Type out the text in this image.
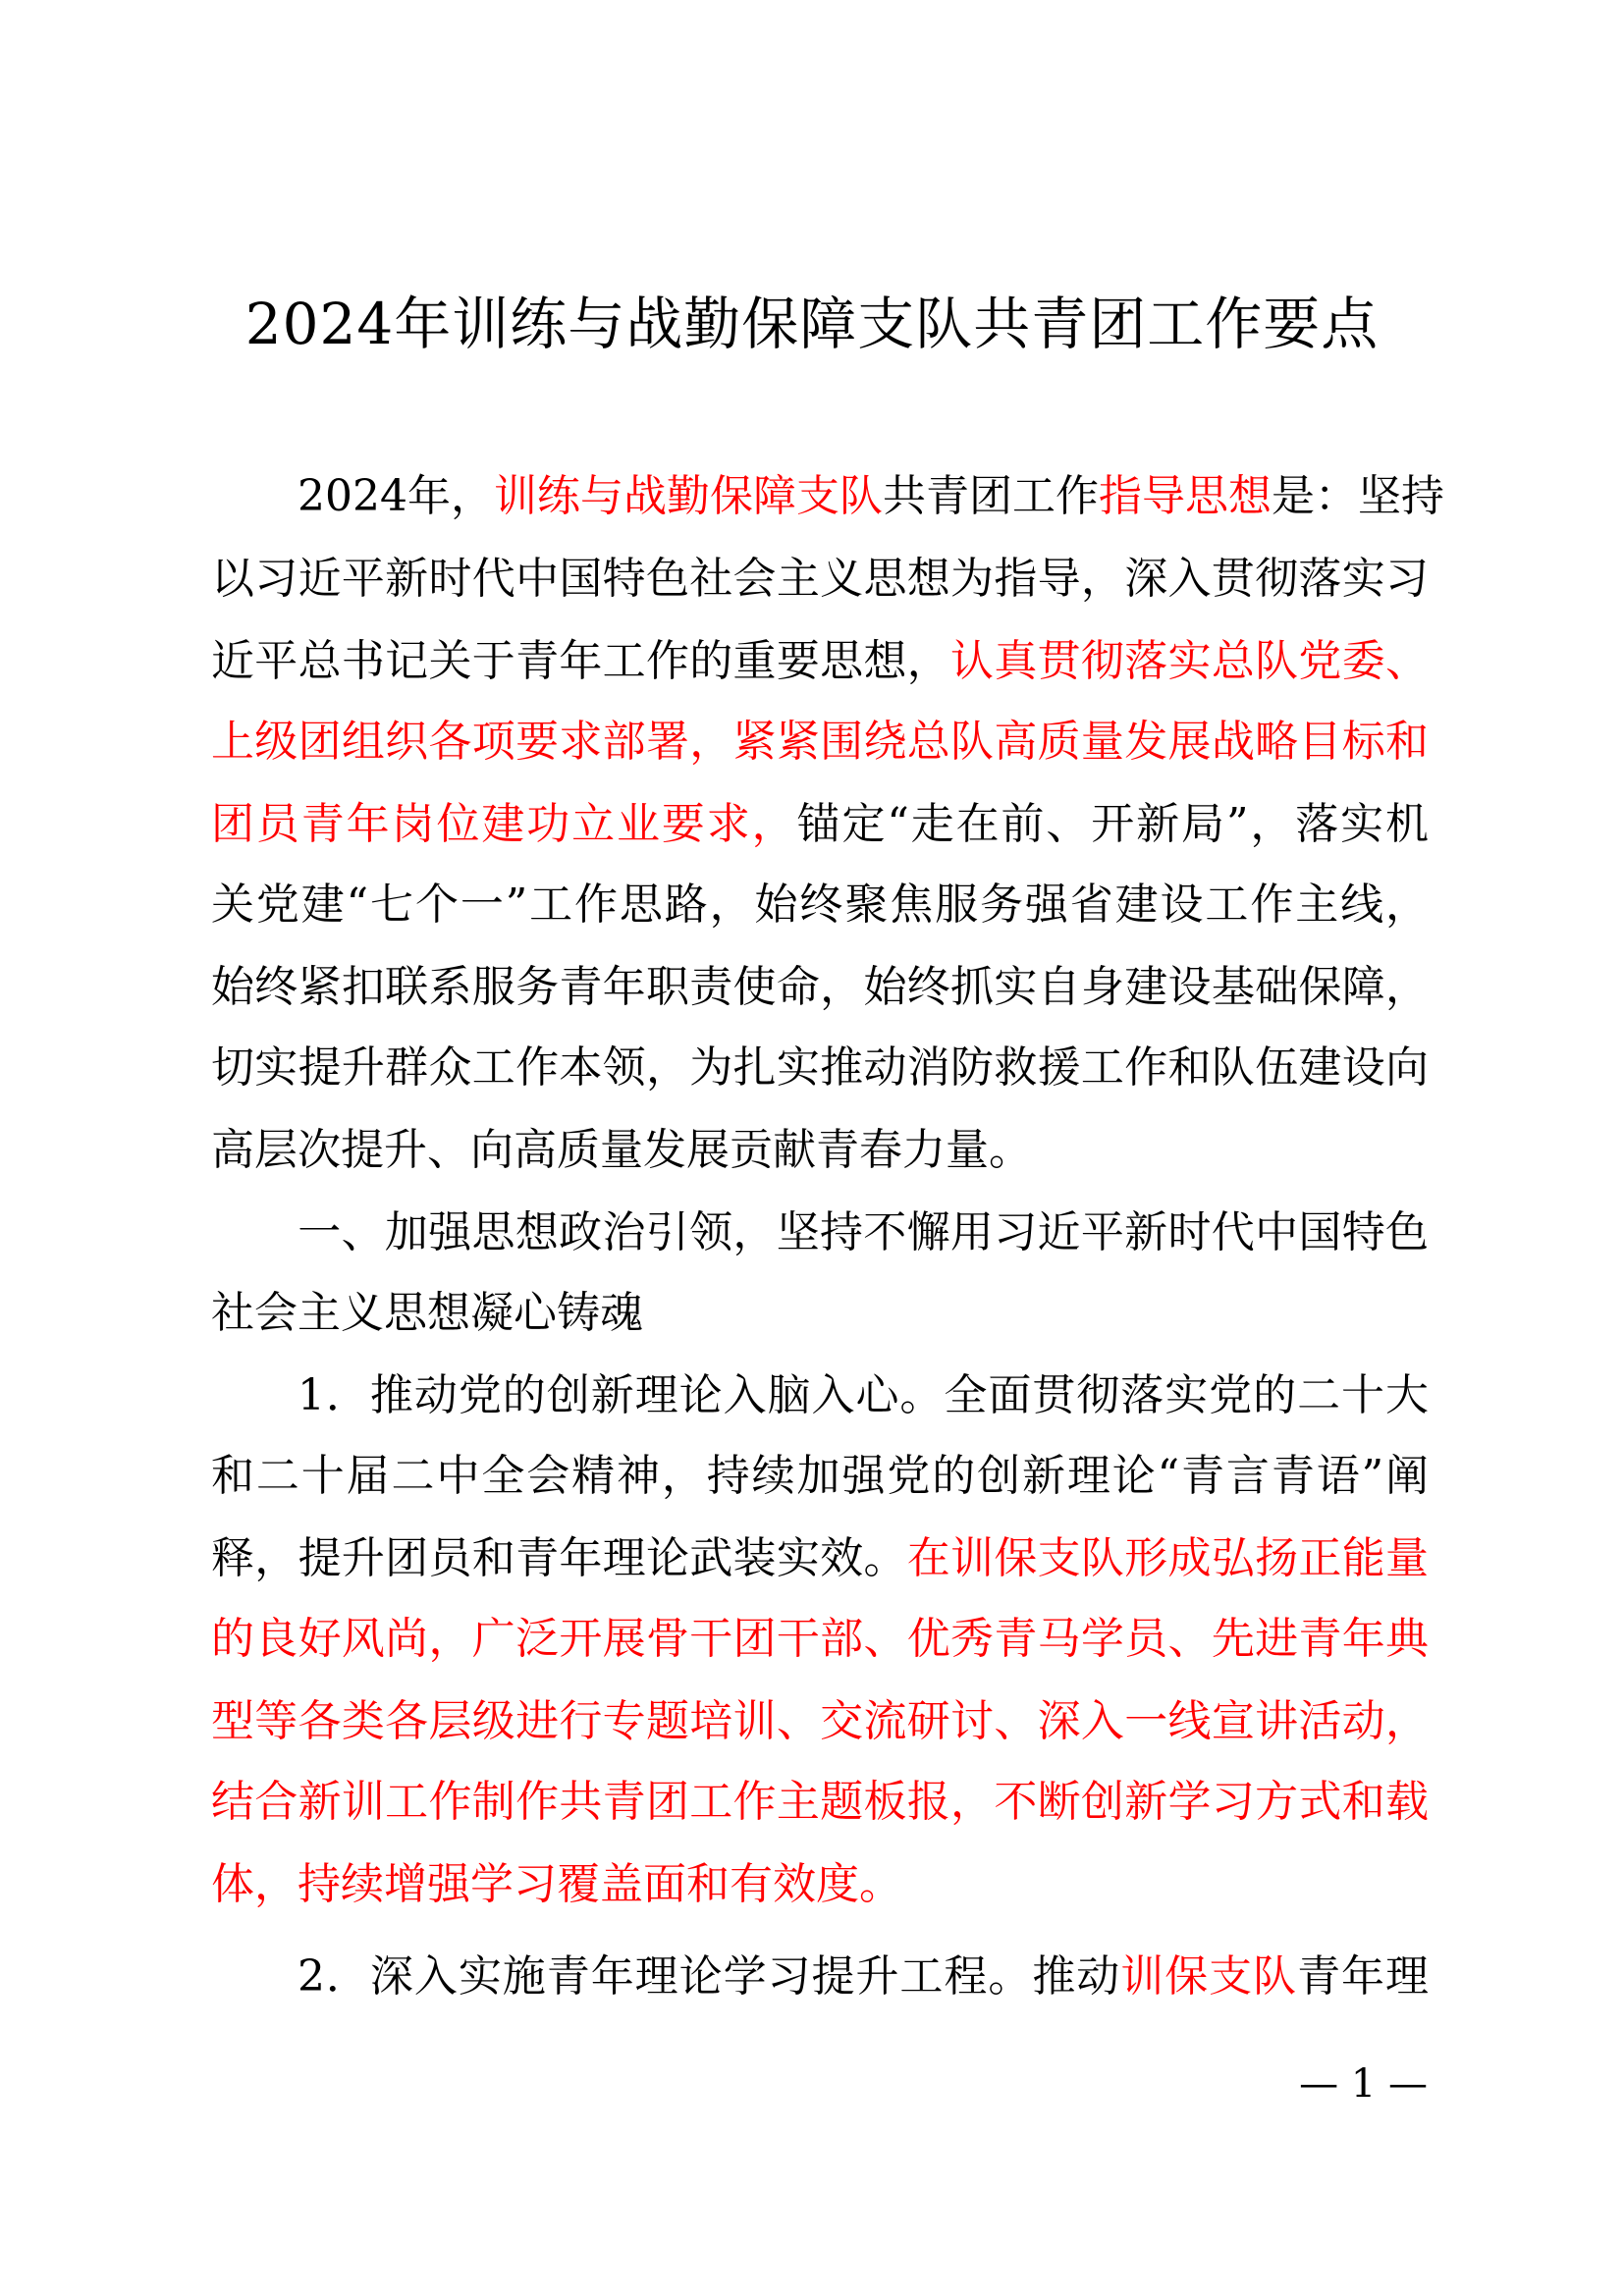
2024年训练与战勤保障支队共青团工作要点
2024年，训练与战勤保障支队共青团工作指导思想是：坚持
以习近平新时代中国特色社会主义思想为指导，深入贯彻落实习
近平总书记关于青年工作的重要思想，认真贯彻落实总队党委、
上级团组织各项要求部署，紧紧围绕总队高质量发展战略目标和
团员青年岗位建功立业要求，锚定“走在前、开新局”，落实机
关党建“七个一”工作思路，始终聚焦服务强省建设工作主线，
始终紧扣联系服务青年职责使命，始终抓实自身建设基础保障，
切实提升群众工作本领，为扎实推动消防救援工作和队伍建设向
高层次提升、向高质量发展贡献青春力量。
一、加强思想政治引领，坚持不懈用习近平新时代中国特色
社会主义思想凝心铸魂
1．推动党的创新理论入脑入心。全面贯彻落实党的二十大
和二十届二中全会精神，持续加强党的创新理论“青言青语”阐
释，提升团员和青年理论武装实效。在训保支队形成弘扬正能量
的良好风尚，广泛开展骨干团干部、优秀青马学员、先进青年典
型等各类各层级进行专题培训、交流研讨、深入一线宣讲活动，
结合新训工作制作共青团工作主题板报，不断创新学习方式和载
体，持续增强学习覆盖面和有效度。
2．深入实施青年理论学习提升工程。推动训保支队青年理
— 1 —
